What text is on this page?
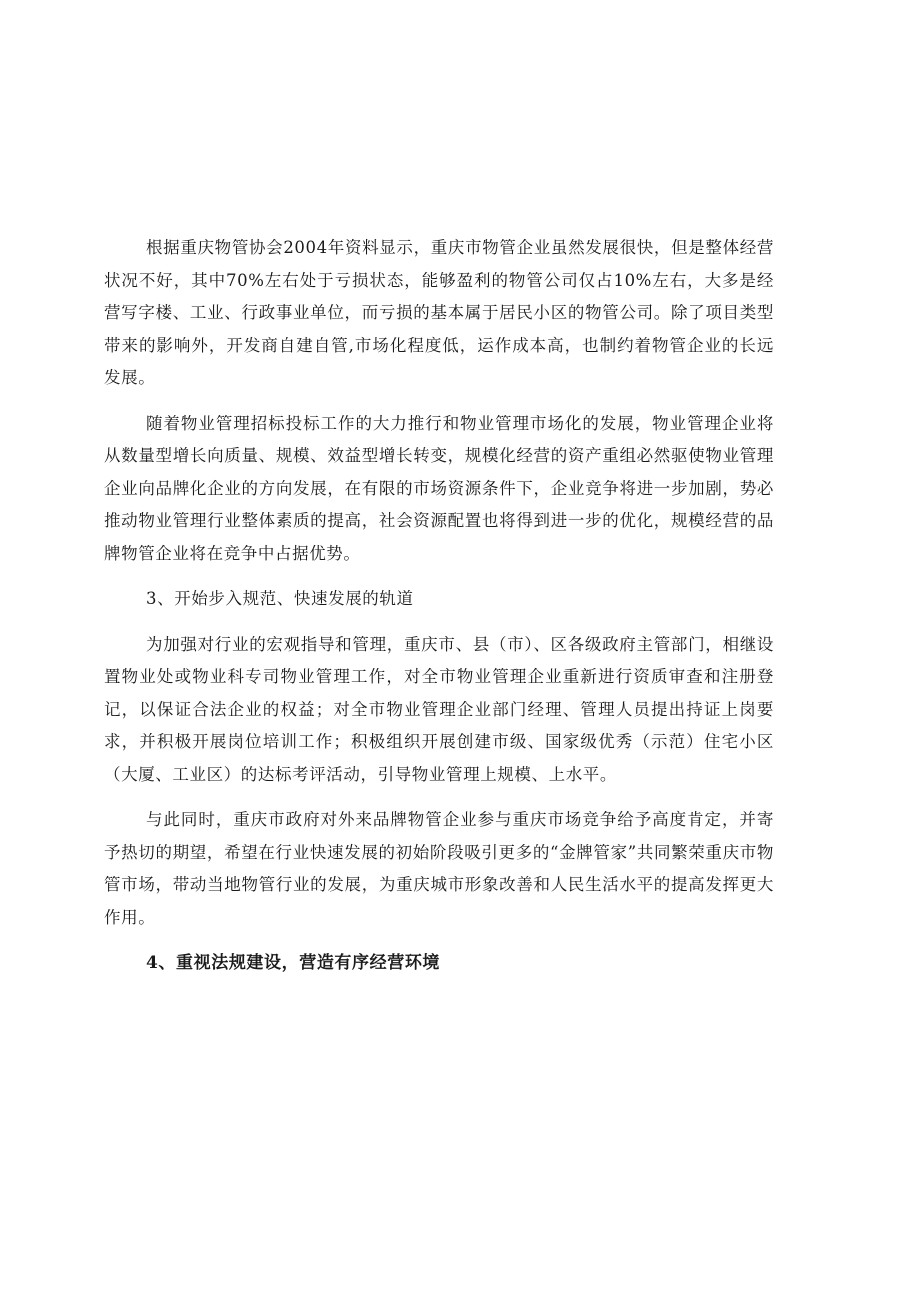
根据重庆物管协会2004年资料显示，重庆市物管企业虽然发展很快，但是整体经营状况不好，其中70%左右处于亏损状态，能够盈利的物管公司仅占10%左右，大多是经营写字楼、工业、行政事业单位，而亏损的基本属于居民小区的物管公司。除了项目类型带来的影响外，开发商自建自管,市场化程度低，运作成本高，也制约着物管企业的长远发展。

随着物业管理招标投标工作的大力推行和物业管理市场化的发展，物业管理企业将从数量型增长向质量、规模、效益型增长转变，规模化经营的资产重组必然驱使物业管理企业向品牌化企业的方向发展，在有限的市场资源条件下，企业竞争将进一步加剧，势必推动物业管理行业整体素质的提高，社会资源配置也将得到进一步的优化，规模经营的品牌物管企业将在竞争中占据优势。

3、开始步入规范、快速发展的轨道

为加强对行业的宏观指导和管理，重庆市、县（市）、区各级政府主管部门，相继设置物业处或物业科专司物业管理工作，对全市物业管理企业重新进行资质审查和注册登记，以保证合法企业的权益；对全市物业管理企业部门经理、管理人员提出持证上岗要求，并积极开展岗位培训工作；积极组织开展创建市级、国家级优秀（示范）住宅小区（大厦、工业区）的达标考评活动，引导物业管理上规模、上水平。

与此同时，重庆市政府对外来品牌物管企业参与重庆市场竞争给予高度肯定，并寄予热切的期望，希望在行业快速发展的初始阶段吸引更多的“金牌管家”共同繁荣重庆市物管市场，带动当地物管行业的发展，为重庆城市形象改善和人民生活水平的提高发挥更大作用。

4、重视法规建设，营造有序经营环境
